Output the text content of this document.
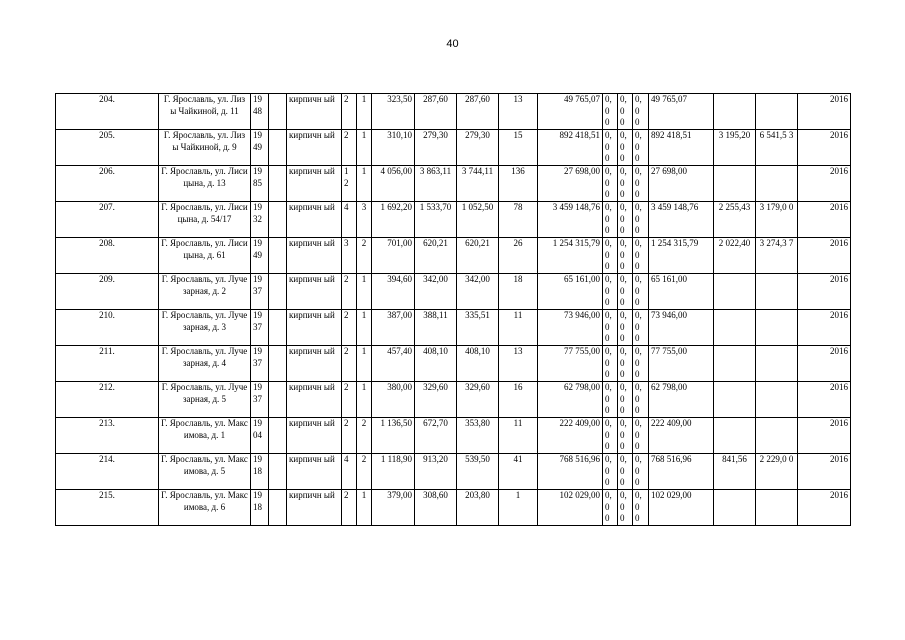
40
204.	Г. Ярославль, ул. Лизы Чайкиной, д. 11	19 48		кирпичн ый	2	1	323,50	287,60	287,60	13	49 765,07	0, 0 0	0, 0 0	0,0 0	49 765,07			2016
205.	Г. Ярославль, ул. Лизы Чайкиной, д. 9	19 49		кирпичн ый	2	1	310,10	279,30	279,30	15	892 418,51	0, 0 0	0, 0 0	0,0 0	892 418,51	3 195,20	6 541,5 3	2016
206.	Г. Ярославль, ул. Лисицына, д. 13	19 85		кирпичн ый	1 2	1	4 056,00	3 863,11	3 744,11	136	27 698,00	0, 0 0	0, 0 0	0,0 0	27 698,00			2016
207.	Г. Ярославль, ул. Лисицына, д. 54/17	19 32		кирпичн ый	4	3	1 692,20	1 533,70	1 052,50	78	3 459 148,76	0, 0 0	0, 0 0	0,0 0	3 459 148,76	2 255,43	3 179,0 0	2016
208.	Г. Ярославль, ул. Лисицына, д. 61	19 49		кирпичн ый	3	2	701,00	620,21	620,21	26	1 254 315,79	0, 0 0	0, 0 0	0,0 0	1 254 315,79	2 022,40	3 274,3 7	2016
209.	Г. Ярославль, ул. Лучезарная, д. 2	19 37		кирпичн ый	2	1	394,60	342,00	342,00	18	65 161,00	0, 0 0	0, 0 0	0,0 0	65 161,00			2016
210.	Г. Ярославль, ул. Лучезарная, д. 3	19 37		кирпичн ый	2	1	387,00	388,11	335,51	11	73 946,00	0, 0 0	0, 0 0	0,0 0	73 946,00			2016
211.	Г. Ярославль, ул. Лучезарная, д. 4	19 37		кирпичн ый	2	1	457,40	408,10	408,10	13	77 755,00	0, 0 0	0, 0 0	0,0 0	77 755,00			2016
212.	Г. Ярославль, ул. Лучезарная, д. 5	19 37		кирпичн ый	2	1	380,00	329,60	329,60	16	62 798,00	0, 0 0	0, 0 0	0,0 0	62 798,00			2016
213.	Г. Ярославль, ул. Максимова, д. 1	19 04		кирпичн ый	2	2	1 136,50	672,70	353,80	11	222 409,00	0, 0 0	0, 0 0	0,0 0	222 409,00			2016
214.	Г. Ярославль, ул. Максимова, д. 5	19 18		кирпичн ый	4	2	1 118,90	913,20	539,50	41	768 516,96	0, 0 0	0, 0 0	0,0 0	768 516,96	841,56	2 229,0 0	2016
215.	Г. Ярославль, ул. Максимова, д. 6	19 18		кирпичн ый	2	1	379,00	308,60	203,80	1	102 029,00	0, 0 0	0, 0 0	0,0 0	102 029,00			2016
